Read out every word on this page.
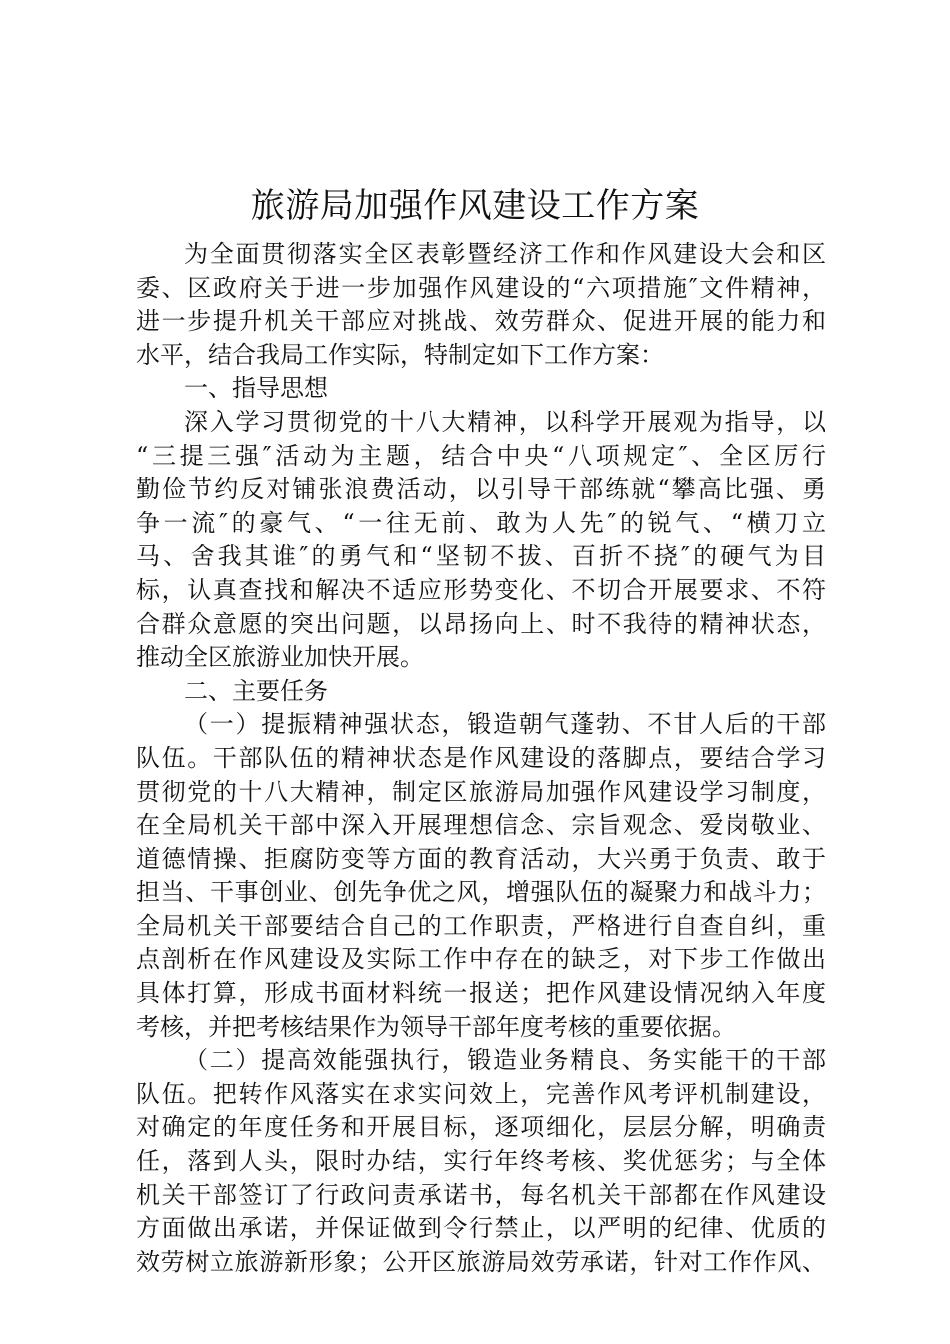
旅游局加强作风建设工作方案
为全面贯彻落实全区表彰暨经济工作和作风建设大会和区
委、区政府关于进一步加强作风建设的“六项措施″文件精神，
进一步提升机关干部应对挑战、效劳群众、促进开展的能力和
水平，结合我局工作实际，特制定如下工作方案：
一、指导思想
深入学习贯彻党的十八大精神，以科学开展观为指导，以
“三提三强″活动为主题，结合中央“八项规定″、全区厉行
勤俭节约反对铺张浪费活动，以引导干部练就“攀高比强、勇
争一流″的豪气、“一往无前、敢为人先″的锐气、“横刀立
马、舍我其谁″的勇气和“坚韧不拔、百折不挠″的硬气为目
标，认真查找和解决不适应形势变化、不切合开展要求、不符
合群众意愿的突出问题，以昂扬向上、时不我待的精神状态，
推动全区旅游业加快开展。
二、主要任务
（一）提振精神强状态，锻造朝气蓬勃、不甘人后的干部
队伍。干部队伍的精神状态是作风建设的落脚点，要结合学习
贯彻党的十八大精神，制定区旅游局加强作风建设学习制度，
在全局机关干部中深入开展理想信念、宗旨观念、爱岗敬业、
道德情操、拒腐防变等方面的教育活动，大兴勇于负责、敢于
担当、干事创业、创先争优之风，增强队伍的凝聚力和战斗力；
全局机关干部要结合自己的工作职责，严格进行自查自纠，重
点剖析在作风建设及实际工作中存在的缺乏，对下步工作做出
具体打算，形成书面材料统一报送；把作风建设情况纳入年度
考核，并把考核结果作为领导干部年度考核的重要依据。
（二）提高效能强执行，锻造业务精良、务实能干的干部
队伍。把转作风落实在求实问效上，完善作风考评机制建设，
对确定的年度任务和开展目标，逐项细化，层层分解，明确责
任，落到人头，限时办结，实行年终考核、奖优惩劣；与全体
机关干部签订了行政问责承诺书，每名机关干部都在作风建设
方面做出承诺，并保证做到令行禁止，以严明的纪律、优质的
效劳树立旅游新形象；公开区旅游局效劳承诺，针对工作作风、
